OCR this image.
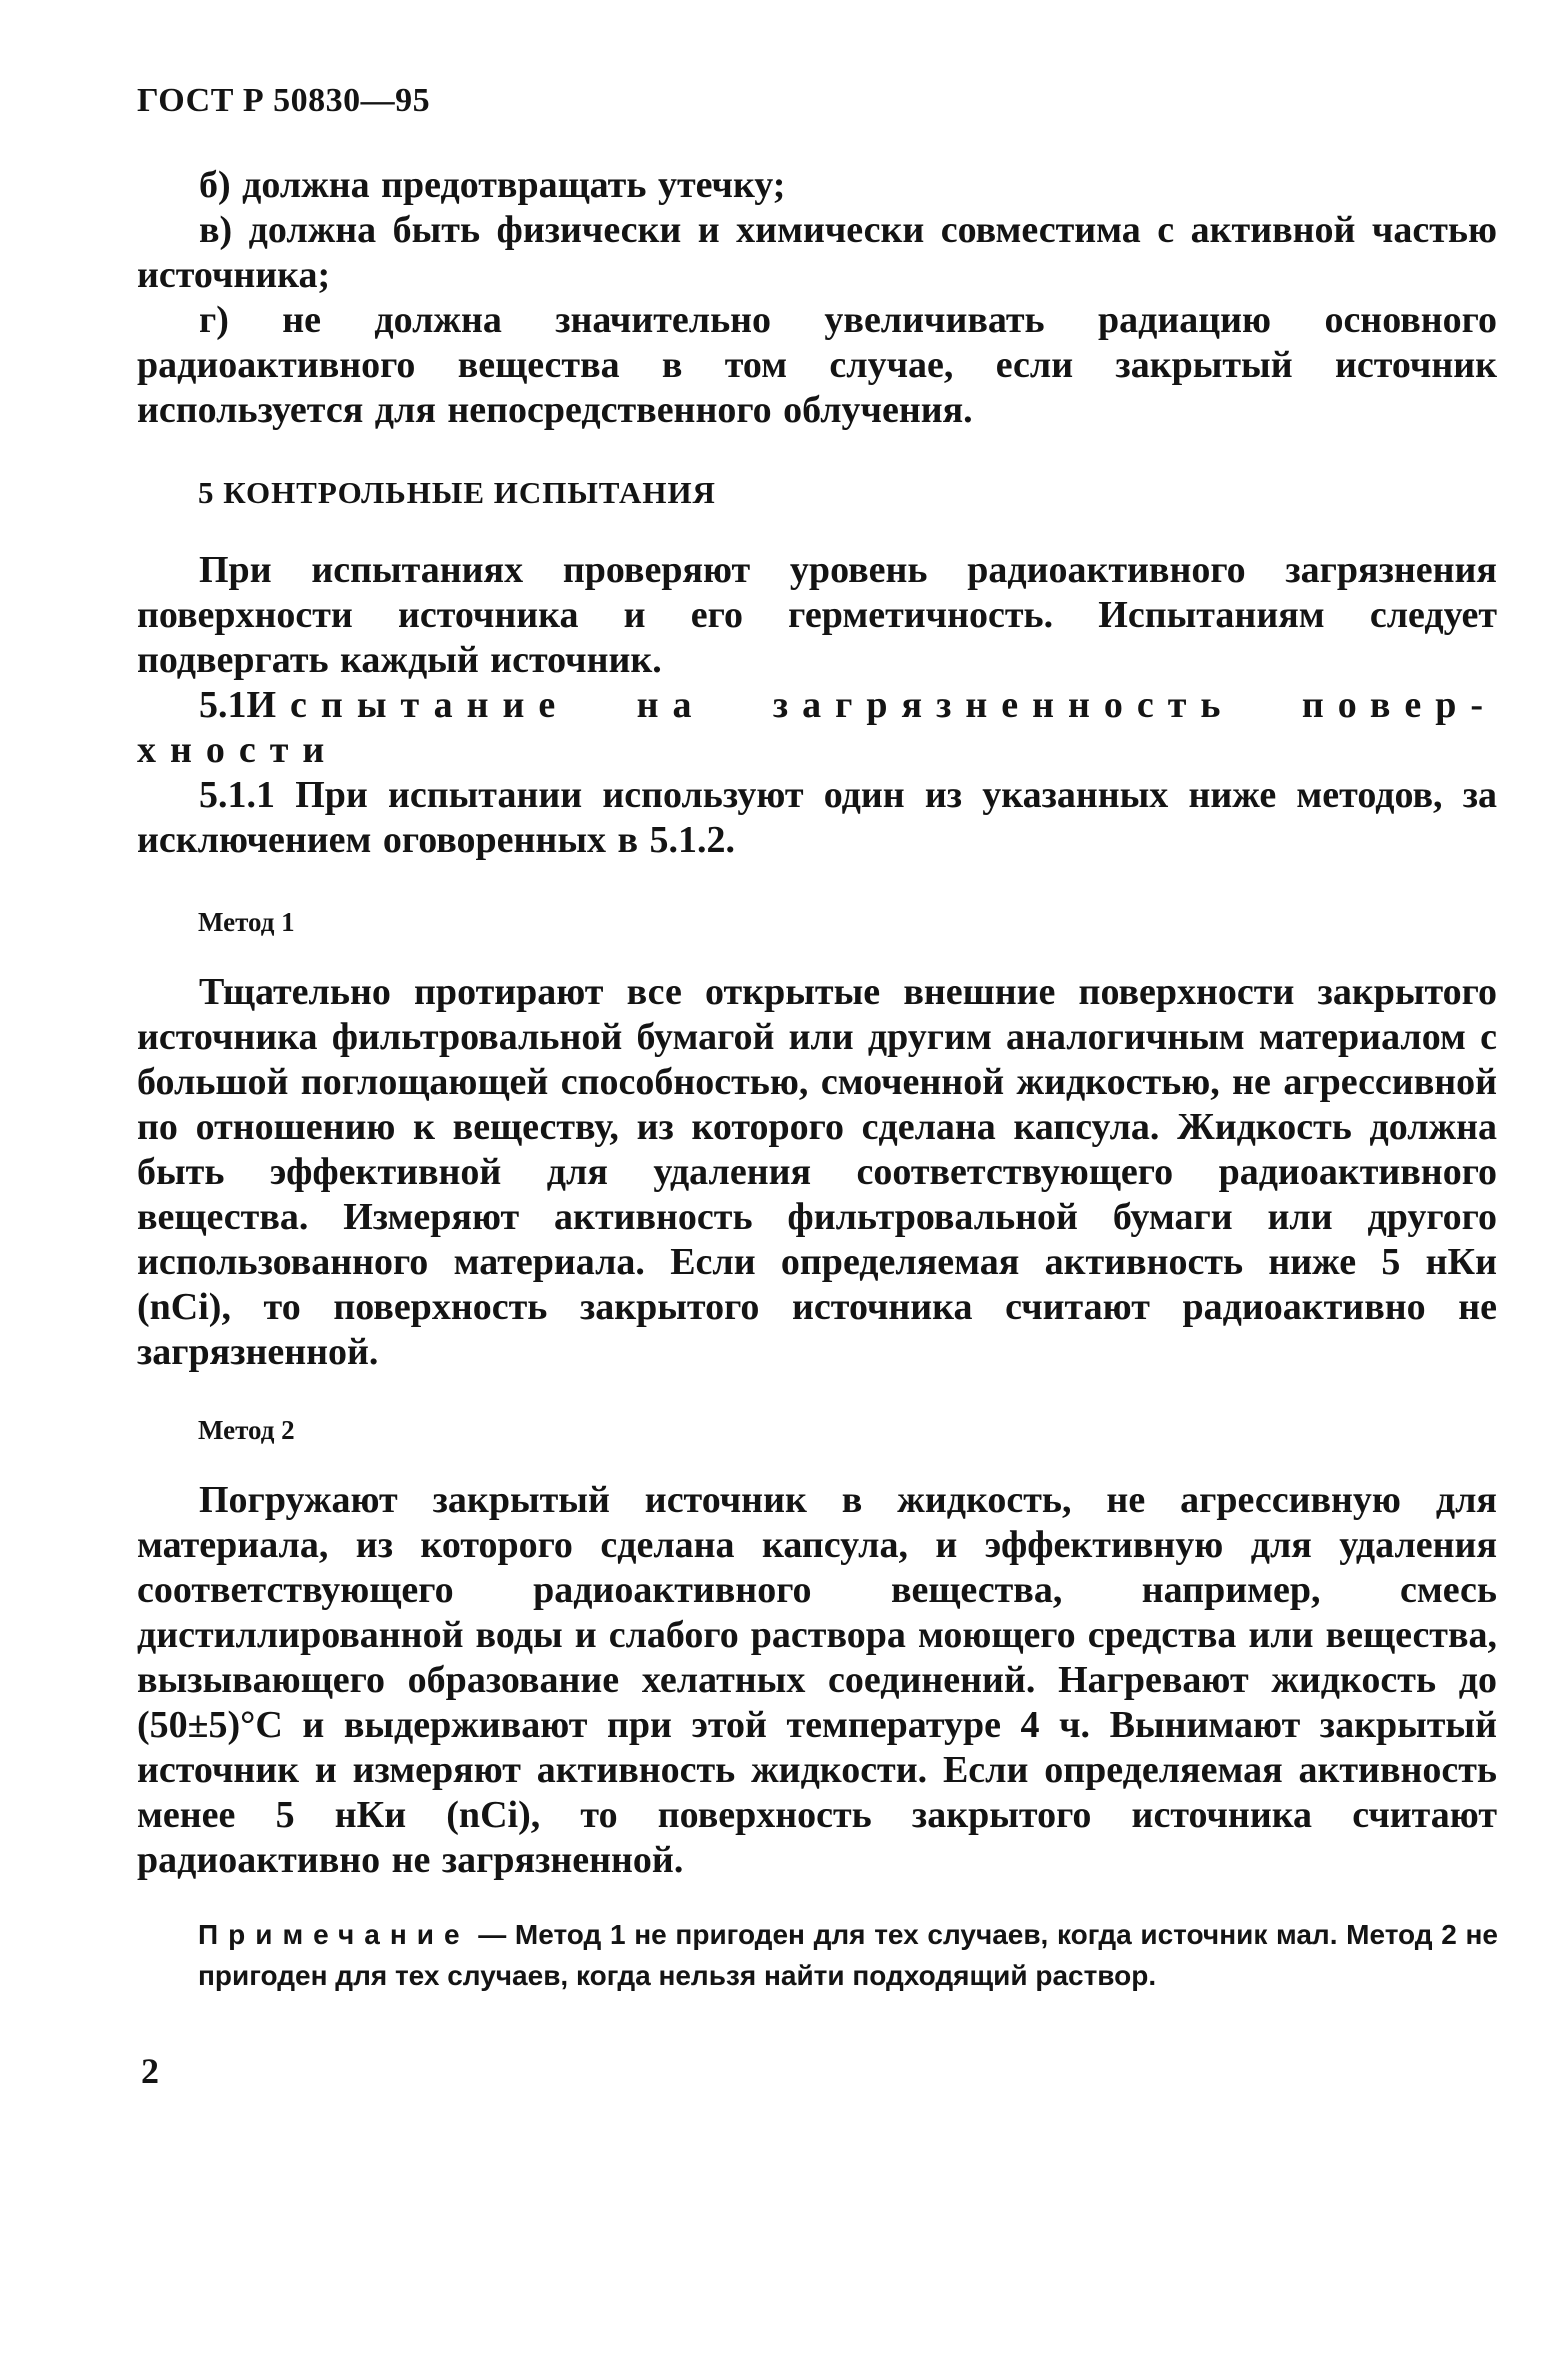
ГОСТ Р 50830—95

б) должна предотвращать утечку;

в) должна быть физически и химически совместима с активной частью источника;

г) не должна значительно увеличивать радиацию основного радиоактивного вещества в том случае, если закрытый источник используется для непосредственного облучения.

5 КОНТРОЛЬНЫЕ ИСПЫТАНИЯ

При испытаниях проверяют уровень радиоактивного загрязнения поверхности источника и его герметичность. Испытаниям следует подвергать каждый источник.

5.1Испытание на загрязненность повер-

хности

5.1.1 При испытании используют один из указанных ниже методов, за исключением оговоренных в 5.1.2.

Метод 1

Тщательно протирают все открытые внешние поверхности закрытого источника фильтровальной бумагой или другим аналогичным материалом с большой поглощающей способностью, смоченной жидкостью, не агрессивной по отношению к веществу, из которого сделана капсула. Жидкость должна быть эффективной для удаления соответствующего радиоактивного вещества. Измеряют активность фильтровальной бумаги или другого использованного материала. Если определяемая активность ниже 5 нКи (nCi), то поверхность закрытого источника считают радиоактивно не загрязненной.

Метод 2

Погружают закрытый источник в жидкость, не агрессивную для материала, из которого сделана капсула, и эффективную для удаления соответствующего радиоактивного вещества, например, смесь дистиллированной воды и слабого раствора моющего средства или вещества, вызывающего образование хелатных соединений. Нагревают жидкость до (50±5)°С и выдерживают при этой температуре 4 ч. Вынимают закрытый источник и измеряют активность жидкости. Если определяемая активность менее 5 нКи (nCi), то поверхность закрытого источника считают радиоактивно не загрязненной.

Примечание — Метод 1 не пригоден для тех случаев, когда источник мал. Метод 2 не пригоден для тех случаев, когда нельзя найти подходящий раствор.
2
